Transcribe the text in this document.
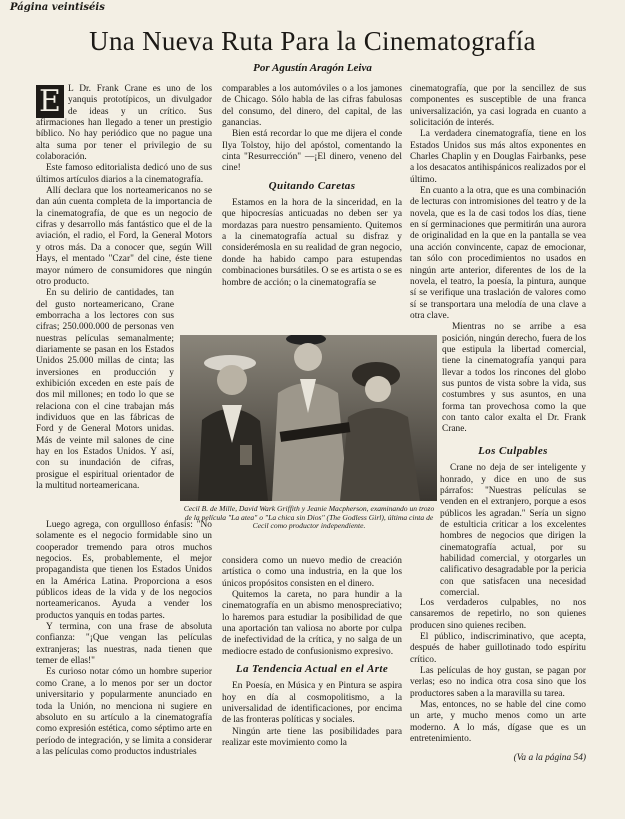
Página veintiséis
Una Nueva Ruta Para la Cinematografía
Por Agustín Aragón Leiva

E L Dr. Frank Crane es uno de los yanquis prototípicos, un divulgador de ideas y un crítico. Sus afirmaciones han llegado a tener un prestigio bíblico. No hay periódico que no pague una alta suma por tener el privilegio de su colaboración.

Este famoso editorialista dedicó uno de sus últimos artículos diarios a la cinematografía.

Allí declara que los norteamericanos no se dan aún cuenta completa de la importancia de la cinematografía, de que es un negocio de cifras y desarrollo más fantástico que el de la aviación, el radio, el Ford, la General Motors y otros más. Da a conocer que, según Will Hays, el mentado "Czar" del cine, éste tiene mayor número de consumidores que ningún otro producto.

En su delirio de cantidades, tan del gusto norteamericano, Crane emborracha a los lectores con sus cifras; 250.000.000 de personas ven nuestras películas semanalmente; diariamente se pasan en los Estados Unidos 25.000 millas de cinta; las inversiones en producción y exhibición exceden en este país de dos mil millones; en todo lo que se relaciona con el cine trabajan más individuos que en las fábricas de Ford y de General Motors unidas. Más de veinte mil salones de cine hay en los Estados Unidos. Y así, con su inundación de cifras, prosigue el espiritual orientador de la multitud norteamericana.

Luego agrega, con orgullloso énfasis: "No solamente es el negocio formidable sino un cooperador tremendo para otros muchos negocios. Es, probablemente, el mejor propagandista que tienen los Estados Unidos en la América Latina. Proporciona a esos públicos ideas de la vida y de los negocios norteamericanos. Ayuda a vender los productos yanquis en todas partes.

Y termina, con una frase de absoluta confianza: "¡Que vengan las películas extranjeras; las nuestras, nada tienen que temer de ellas!"

Es curioso notar cómo un hombre superior como Crane, a lo menos por ser un doctor universitario y popularmente anunciado en toda la Unión, no menciona ni sugiere en absoluto en su artículo a la cinematografía como expresión estética, como séptimo arte en período de integración, y se limita a considerar a las películas como productos industriales

comparables a los automóviles o a los jamones de Chicago. Sólo habla de las cifras fabulosas del consumo, del dinero, del capital, de las ganancias.

Bien está recordar lo que me dijera el conde Ilya Tolstoy, hijo del apóstol, comentando la cinta "Resurrección" —¡El dinero, veneno del cine!

Quitando Caretas

Estamos en la hora de la sinceridad, en la que hipocresías anticuadas no deben ser ya mordazas para nuestro pensamiento. Quitemos a la cinematografía actual su disfraz y considerémosla en su realidad de gran negocio, donde ha habido campo para estupendas combinaciones bursátiles. O se es artista o se es hombre de acción; o la cinematografía se

Cecil B. de Mille, David Wark Griffith y Jeanie Macpherson, examinando un trozo de la película "La atea" o "La chica sin Dios" (The Godless Girl), última cinta de Cecil como productor independiente.

considera como un nuevo medio de creación artística o como una industria, en la que los únicos propósitos consisten en el dinero.

Quitemos la careta, no para hundir a la cinematografía en un abismo menospreciativo; lo haremos para estudiar la posibilidad de que una aportación tan valiosa no aborte por culpa de inefectividad de la crítica, y no salga de un mediocre estado de confusionismo expresivo.

La Tendencia Actual en el Arte

En Poesía, en Música y en Pintura se aspira hoy en día al cosmopolitismo, a la universalidad de identificaciones, por encima de las fronteras políticas y sociales.

Ningún arte tiene las posibilidades para realizar este movimiento como la

cinematografía, que por la sencillez de sus componentes es susceptible de una franca universalización, ya casi lograda en cuanto a solicitación de interés.

La verdadera cinematografía, tiene en los Estados Unidos sus más altos exponentes en Charles Chaplin y en Douglas Fairbanks, pese a los desacatos antihispánicos realizados por el último.

En cuanto a la otra, que es una combinación de lecturas con intromisiones del teatro y de la novela, que es la de casi todos los días, tiene en sí germinaciones que permitirán una aurora de originalidad en la que en la pantalla se vea una acción convincente, capaz de emocionar, tan sólo con procedimientos no usados en ningún arte anterior, diferentes de los de la novela, el teatro, la poesía, la pintura, aunque sí se verifique una traslación de valores como sí se transportara una melodía de una clave a otra clave.

Mientras no se arribe a esa posición, ningún derecho, fuera de los que estipula la libertad comercial, tiene la cinematografía yanqui para llevar a todos los rincones del globo sus puntos de vista sobre la vida, sus costumbres y sus asuntos, en una forma tan provechosa como la que con tanto calor exalta el Dr. Frank Crane.

Los Culpables

Crane no deja de ser inteligente y honrado, y dice en uno de sus párrafos: "Nuestras películas se venden en el extranjero, porque a esos públicos les agradan." Sería un signo de estulticia criticar a los excelentes hombres de negocios que dirigen la cinematografía actual, por su habilidad comercial, y otorgarles un calificativo desagradable por la pericia con que satisfacen una necesidad comercial.

Los verdaderos culpables, no nos cansaremos de repetirlo, no son quienes producen sino quienes reciben.

El público, indiscriminativo, que acepta, después de haber guillotinado todo espíritu crítico.

Las películas de hoy gustan, se pagan por verlas; eso no indica otra cosa sino que los productores saben a la maravilla su tarea.

Mas, entonces, no se hable del cine como un arte, y mucho menos como un arte moderno. A lo más, dígase que es un entretenimiento.

(Va a la página 54)
